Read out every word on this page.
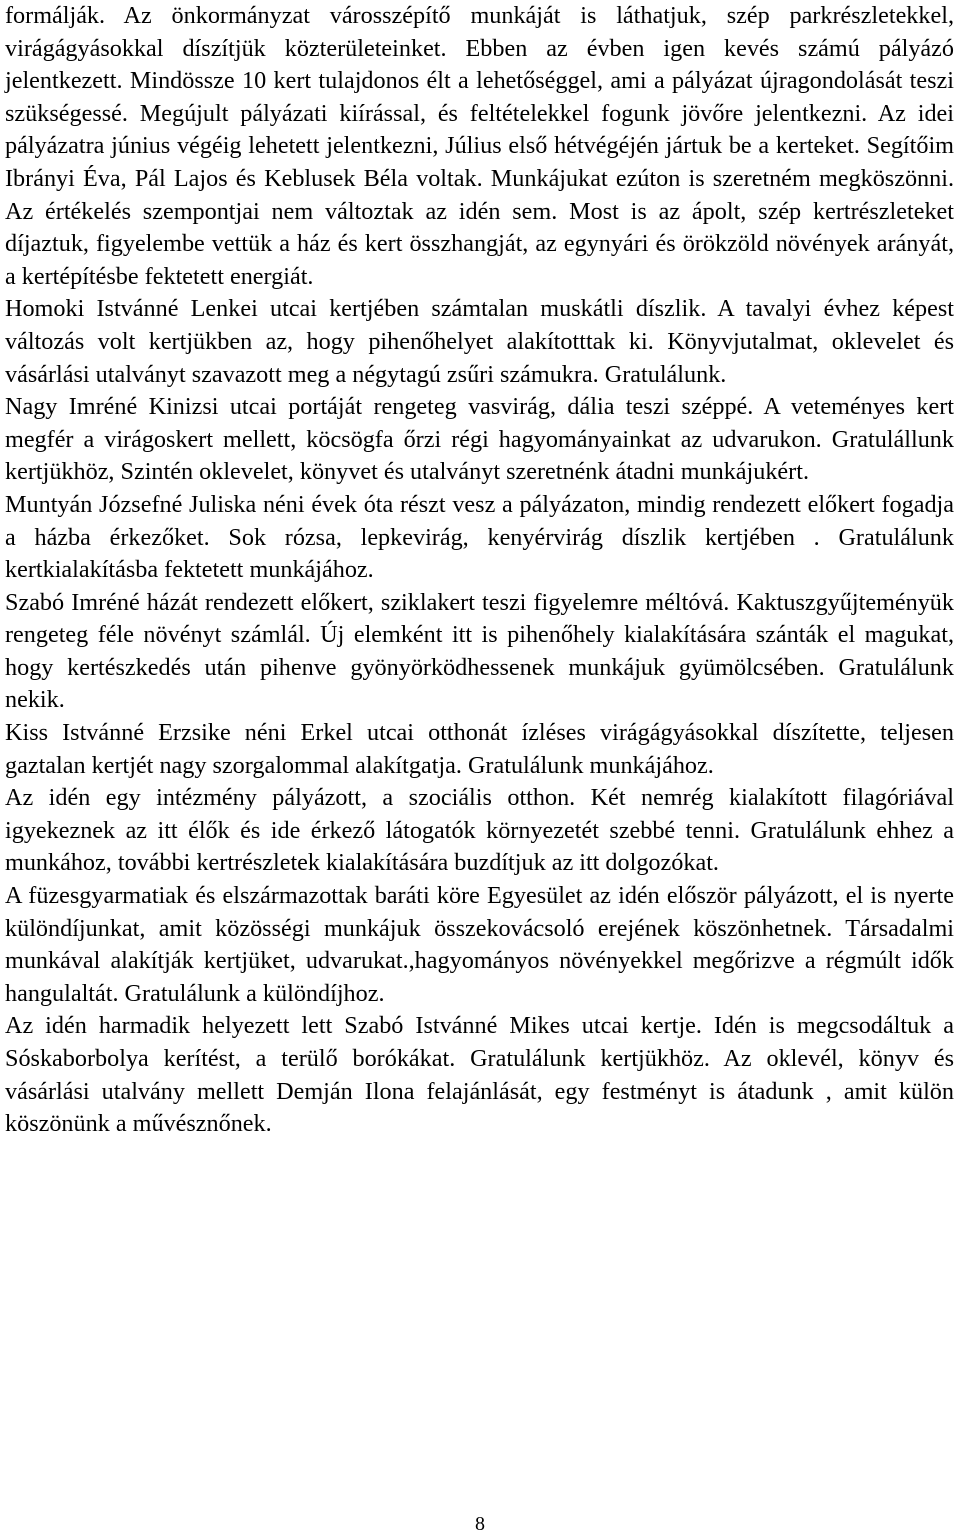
formálják. Az önkormányzat városszépítő munkáját is láthatjuk, szép parkrészletekkel, virágágyásokkal díszítjük közterületeinket. Ebben az évben igen kevés számú pályázó jelentkezett. Mindössze 10 kert tulajdonos élt a lehetőséggel, ami a pályázat újragondolását teszi szükségessé. Megújult pályázati kiírással, és feltételekkel fogunk jövőre jelentkezni. Az idei pályázatra június végéig lehetett jelentkezni, Július első hétvégéjén jártuk be a kerteket. Segítőim Ibrányi Éva, Pál Lajos és Keblusek Béla voltak. Munkájukat ezúton is szeretném megköszönni. Az értékelés szempontjai nem változtak az idén sem. Most is az ápolt, szép kertrészleteket díjaztuk, figyelembe vettük a ház és kert összhangját, az egynyári és örökzöld növények arányát, a kertépítésbe fektetett energiát.

Homoki Istvánné Lenkei utcai kertjében számtalan muskátli díszlik. A tavalyi évhez képest változás volt kertjükben az, hogy pihenőhelyet alakítotttak ki. Könyvjutalmat, oklevelet és vásárlási utalványt szavazott meg a négytagú zsűri számukra. Gratulálunk.

Nagy Imréné Kinizsi utcai portáját rengeteg vasvirág, dália teszi széppé. A veteményes kert megfér a virágoskert mellett, köcsögfa őrzi régi hagyományainkat az udvarukon. Gratulállunk kertjükhöz, Szintén oklevelet, könyvet és utalványt szeretnénk átadni munkájukért.

Muntyán Józsefné Juliska néni évek óta részt vesz a pályázaton, mindig rendezett előkert fogadja a házba érkezőket. Sok rózsa, lepkevirág, kenyérvirág díszlik kertjében . Gratulálunk kertkialakításba fektetett munkájához.

Szabó Imréné házát rendezett előkert, sziklakert teszi figyelemre méltóvá. Kaktuszgyűjteményük rengeteg féle növényt számlál. Új elemként itt is pihenőhely kialakítására szánták el magukat, hogy kertészkedés után pihenve gyönyörködhessenek munkájuk gyümölcsében. Gratulálunk nekik.

Kiss Istvánné Erzsike néni Erkel utcai otthonát ízléses virágágyásokkal díszítette, teljesen gaztalan kertjét nagy szorgalommal alakítgatja. Gratulálunk munkájához.

Az idén egy intézmény pályázott, a szociális otthon. Két nemrég kialakított filagóriával igyekeznek az itt élők és ide érkező látogatók környezetét szebbé tenni. Gratulálunk ehhez a munkához, további kertrészletek kialakítására buzdítjuk az itt dolgozókat.

A füzesgyarmatiak és elszármazottak baráti köre Egyesület az idén először pályázott, el is nyerte különdíjunkat, amit közösségi munkájuk összekovácsoló erejének köszönhetnek. Társadalmi munkával alakítják kertjüket, udvarukat.,hagyományos növényekkel megőrizve a régmúlt idők hangulaltát. Gratulálunk a különdíjhoz.

Az idén harmadik helyezett lett Szabó Istvánné Mikes utcai kertje. Idén is megcsodáltuk a Sóskaborbolya kerítést, a terülő borókákat. Gratulálunk kertjükhöz. Az oklevél, könyv és vásárlási utalvány mellett Demján Ilona felajánlását, egy festményt is átadunk , amit külön köszönünk a művésznőnek.

8
